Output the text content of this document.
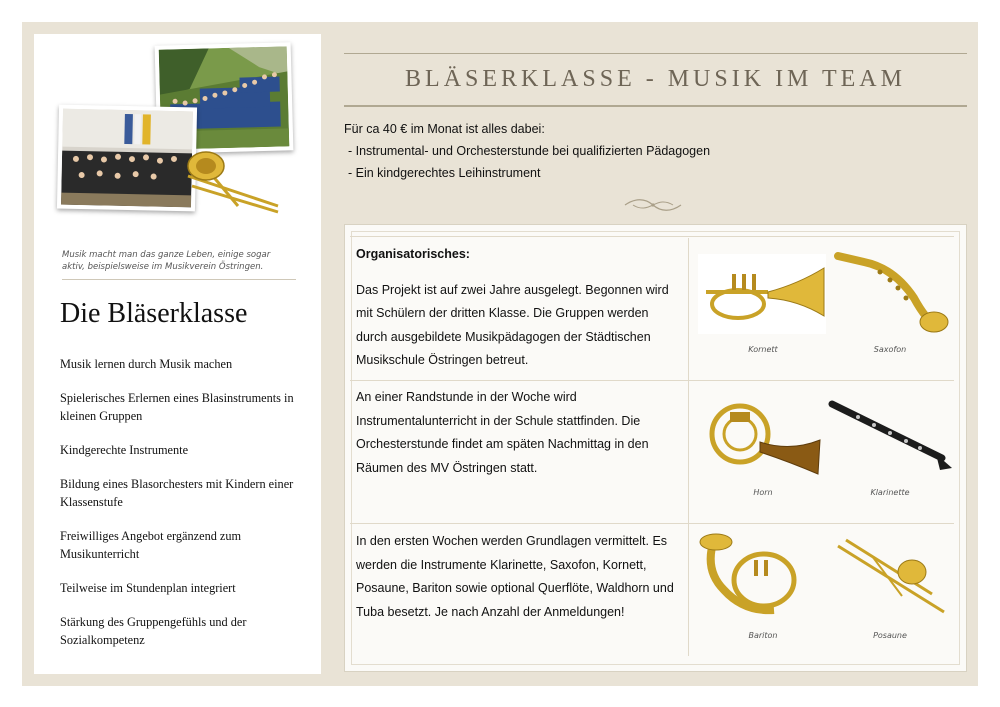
Musik macht man das ganze Leben, einige sogar aktiv, beispielsweise im Musikverein Östringen.
Die Bläserklasse
Musik lernen durch Musik machen
Spielerisches Erlernen eines Blasinstruments in kleinen Gruppen
Kindgerechte Instrumente
Bildung eines Blasorchesters mit Kindern einer Klassenstufe
Freiwilliges Angebot ergänzend zum Musikunterricht
Teilweise im Stundenplan integriert
Stärkung des Gruppengefühls und der Sozialkompetenz
BLÄSERKLASSE - MUSIK IM TEAM
Für ca 40 € im Monat ist alles dabei:
- Instrumental- und Orchesterstunde bei qualifizierten Pädagogen
- Ein kindgerechtes Leihinstrument
Organisatorisches:
Das Projekt ist auf zwei Jahre ausgelegt. Begonnen wird mit Schülern der dritten Klasse. Die Gruppen werden durch ausgebildete Musikpädagogen der Städtischen Musikschule Östringen betreut.
An einer Randstunde in der Woche wird Instrumentalunterricht in der Schule stattfinden. Die Orchesterstunde findet am späten Nachmittag in den Räumen des MV Östringen statt.
In den ersten Wochen werden Grundlagen vermittelt. Es werden die Instrumente Klarinette, Saxofon, Kornett, Posaune, Bariton sowie optional Querflöte, Waldhorn und Tuba besetzt. Je nach Anzahl der Anmeldungen!
Kornett	Saxofon
Horn	Klarinette
Bariton	Posaune
